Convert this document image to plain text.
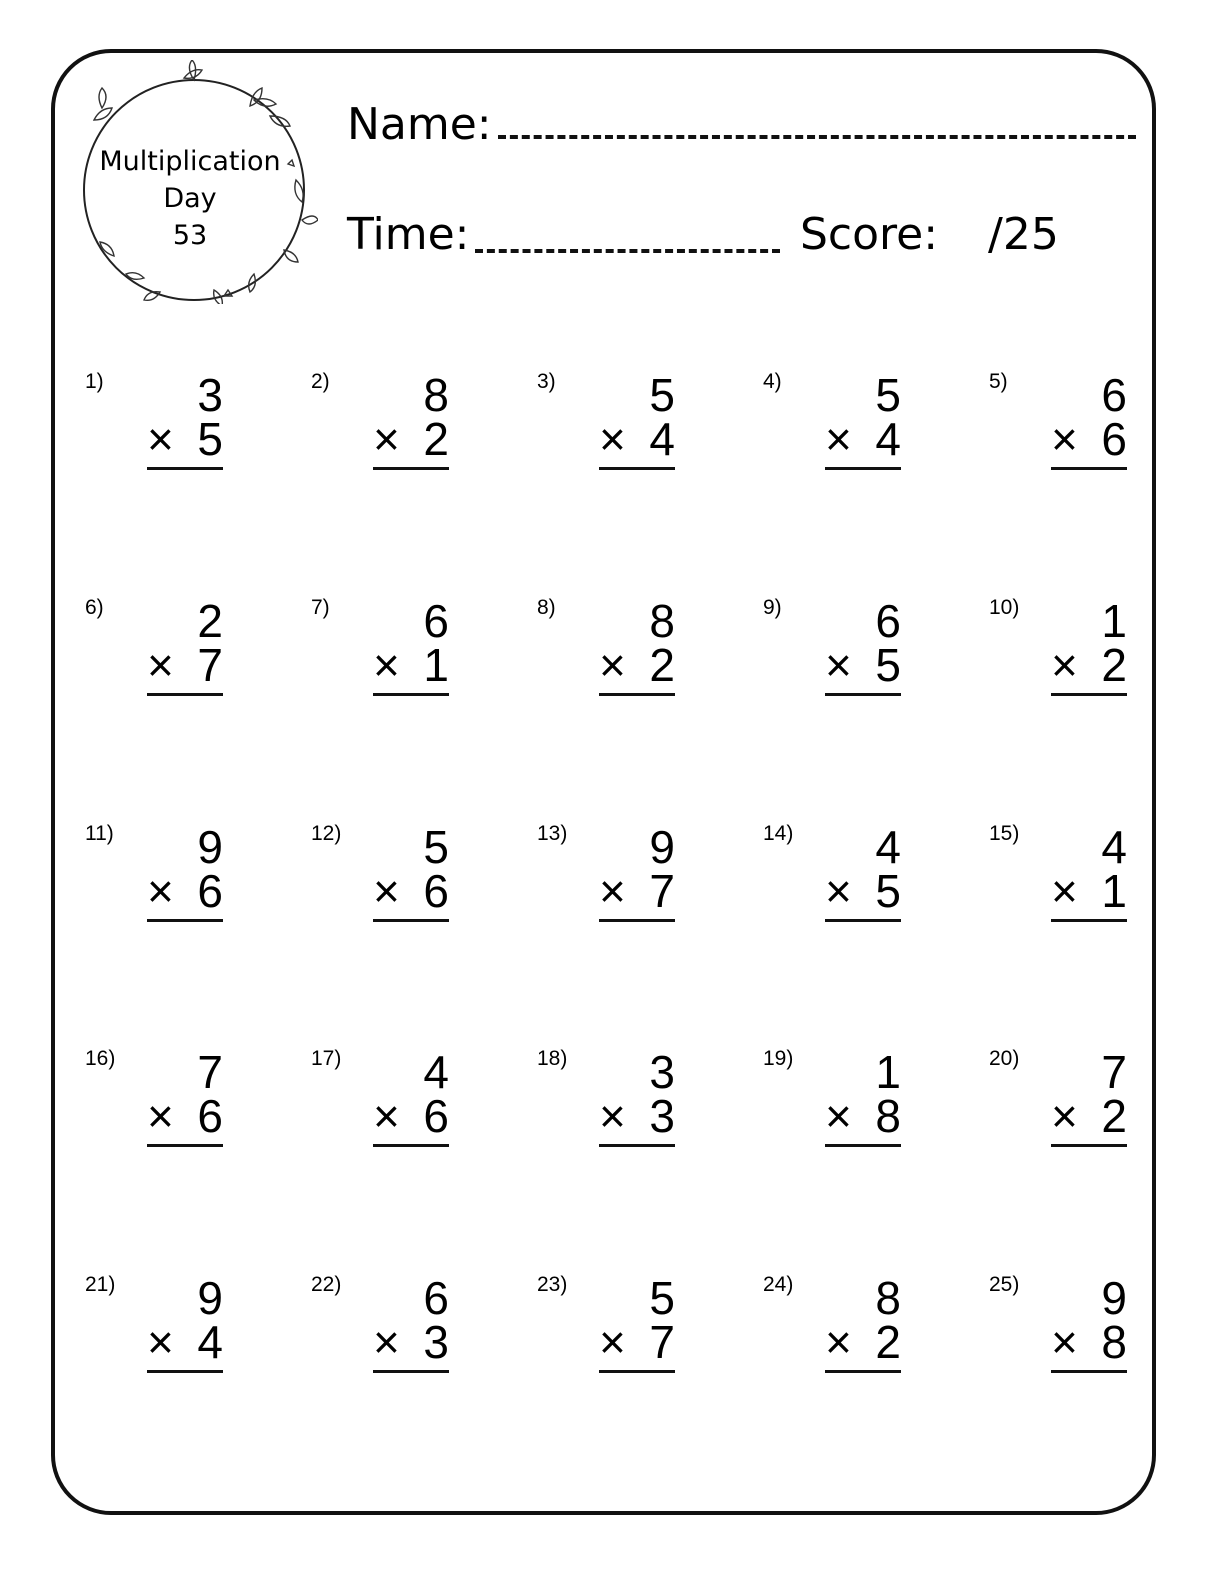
Multiplication
Day
53
Name:
Time:	Score: /25
1) 3
× 5
2) 8
× 2
3) 5
× 4
4) 5
× 4
5) 6
× 6
6) 2
× 7
7) 6
× 1
8) 8
× 2
9) 6
× 5
10) 1
× 2
11) 9
× 6
12) 5
× 6
13) 9
× 7
14) 4
× 5
15) 4
× 1
16) 7
× 6
17) 4
× 6
18) 3
× 3
19) 1
× 8
20) 7
× 2
21) 9
× 4
22) 6
× 3
23) 5
× 7
24) 8
× 2
25) 9
× 8
